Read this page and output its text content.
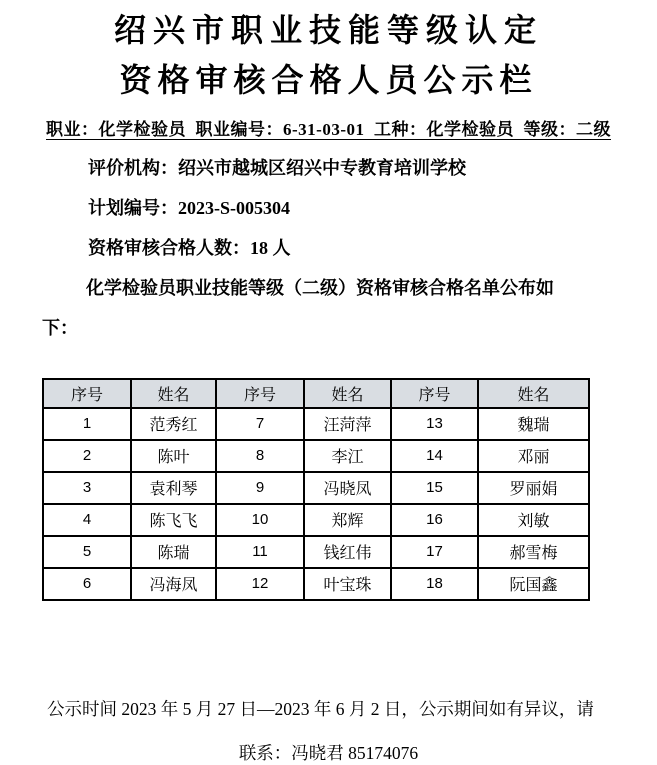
绍兴市职业技能等级认定
资格审核合格人员公示栏
职业：化学检验员  职业编号：6-31-03-01  工种：化学检验员  等级：二级
评价机构：绍兴市越城区绍兴中专教育培训学校
计划编号：2023-S-005304
资格审核合格人数：18 人
化学检验员职业技能等级（二级）资格审核合格名单公布如
下：
序号	姓名	序号	姓名	序号	姓名
1	范秀红	7	汪菏萍	13	魏瑞
2	陈叶	8	李江	14	邓丽
3	袁利琴	9	冯晓凤	15	罗丽娟
4	陈飞飞	10	郑辉	16	刘敏
5	陈瑞	11	钱红伟	17	郝雪梅
6	冯海凤	12	叶宝珠	18	阮国鑫
公示时间 2023 年 5 月 27 日—2023 年 6 月 2 日，公示期间如有异议，请
联系：冯晓君 85174076
